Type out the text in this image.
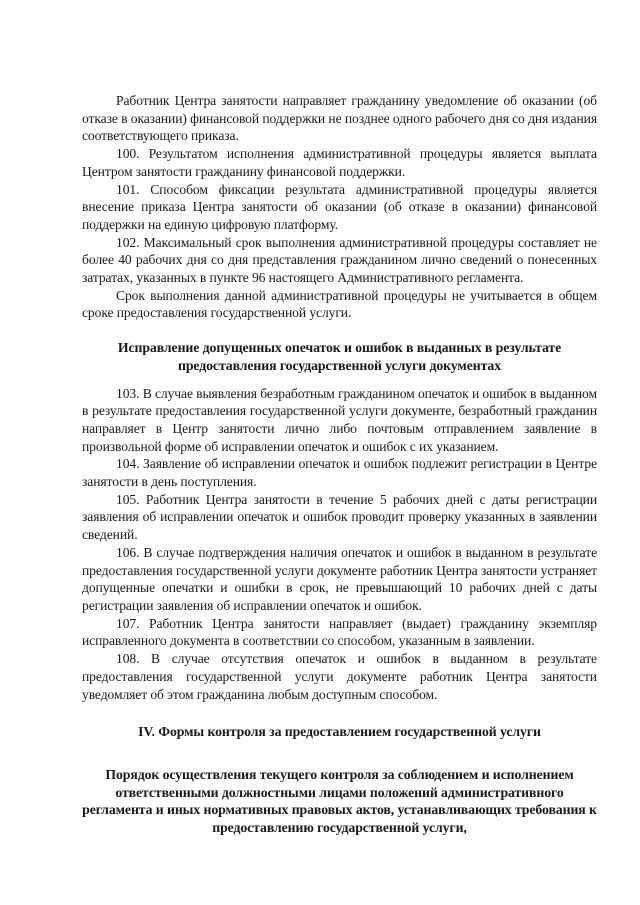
Работник Центра занятости направляет гражданину уведомление об оказании (об отказе в оказании) финансовой поддержки не позднее одного рабочего дня со дня издания соответствующего приказа.

100. Результатом исполнения административной процедуры является выплата Центром занятости гражданину финансовой поддержки.

101. Способом фиксации результата административной процедуры является внесение приказа Центра занятости об оказании (об отказе в оказании) финансовой поддержки на единую цифровую платформу.

102. Максимальный срок выполнения административной процедуры составляет не более 40 рабочих дня со дня представления гражданином лично сведений о понесенных затратах, указанных в пункте 96 настоящего Административного регламента.

Срок выполнения данной административной процедуры не учитывается в общем сроке предоставления государственной услуги.

Исправление допущенных опечаток и ошибок в выданных в результате предоставления государственной услуги документах

103. В случае выявления безработным гражданином опечаток и ошибок в выданном в результате предоставления государственной услуги документе, безработный гражданин направляет в Центр занятости лично либо почтовым отправлением заявление в произвольной форме об исправлении опечаток и ошибок с их указанием.

104. Заявление об исправлении опечаток и ошибок подлежит регистрации в Центре занятости в день поступления.

105. Работник Центра занятости в течение 5 рабочих дней с даты регистрации заявления об исправлении опечаток и ошибок проводит проверку указанных в заявлении сведений.

106. В случае подтверждения наличия опечаток и ошибок в выданном в результате предоставления государственной услуги документе работник Центра занятости устраняет допущенные опечатки и ошибки в срок, не превышающий 10 рабочих дней с даты регистрации заявления об исправлении опечаток и ошибок.

107. Работник Центра занятости направляет (выдает) гражданину экземпляр исправленного документа в соответствии со способом, указанным в заявлении.

108. В случае отсутствия опечаток и ошибок в выданном в результате предоставления государственной услуги документе работник Центра занятости уведомляет об этом гражданина любым доступным способом.

IV. Формы контроля за предоставлением государственной услуги
Порядок осуществления текущего контроля за соблюдением и исполнением ответственными должностными лицами положений административного регламента и иных нормативных правовых актов, устанавливающих требования к предоставлению государственной услуги,
